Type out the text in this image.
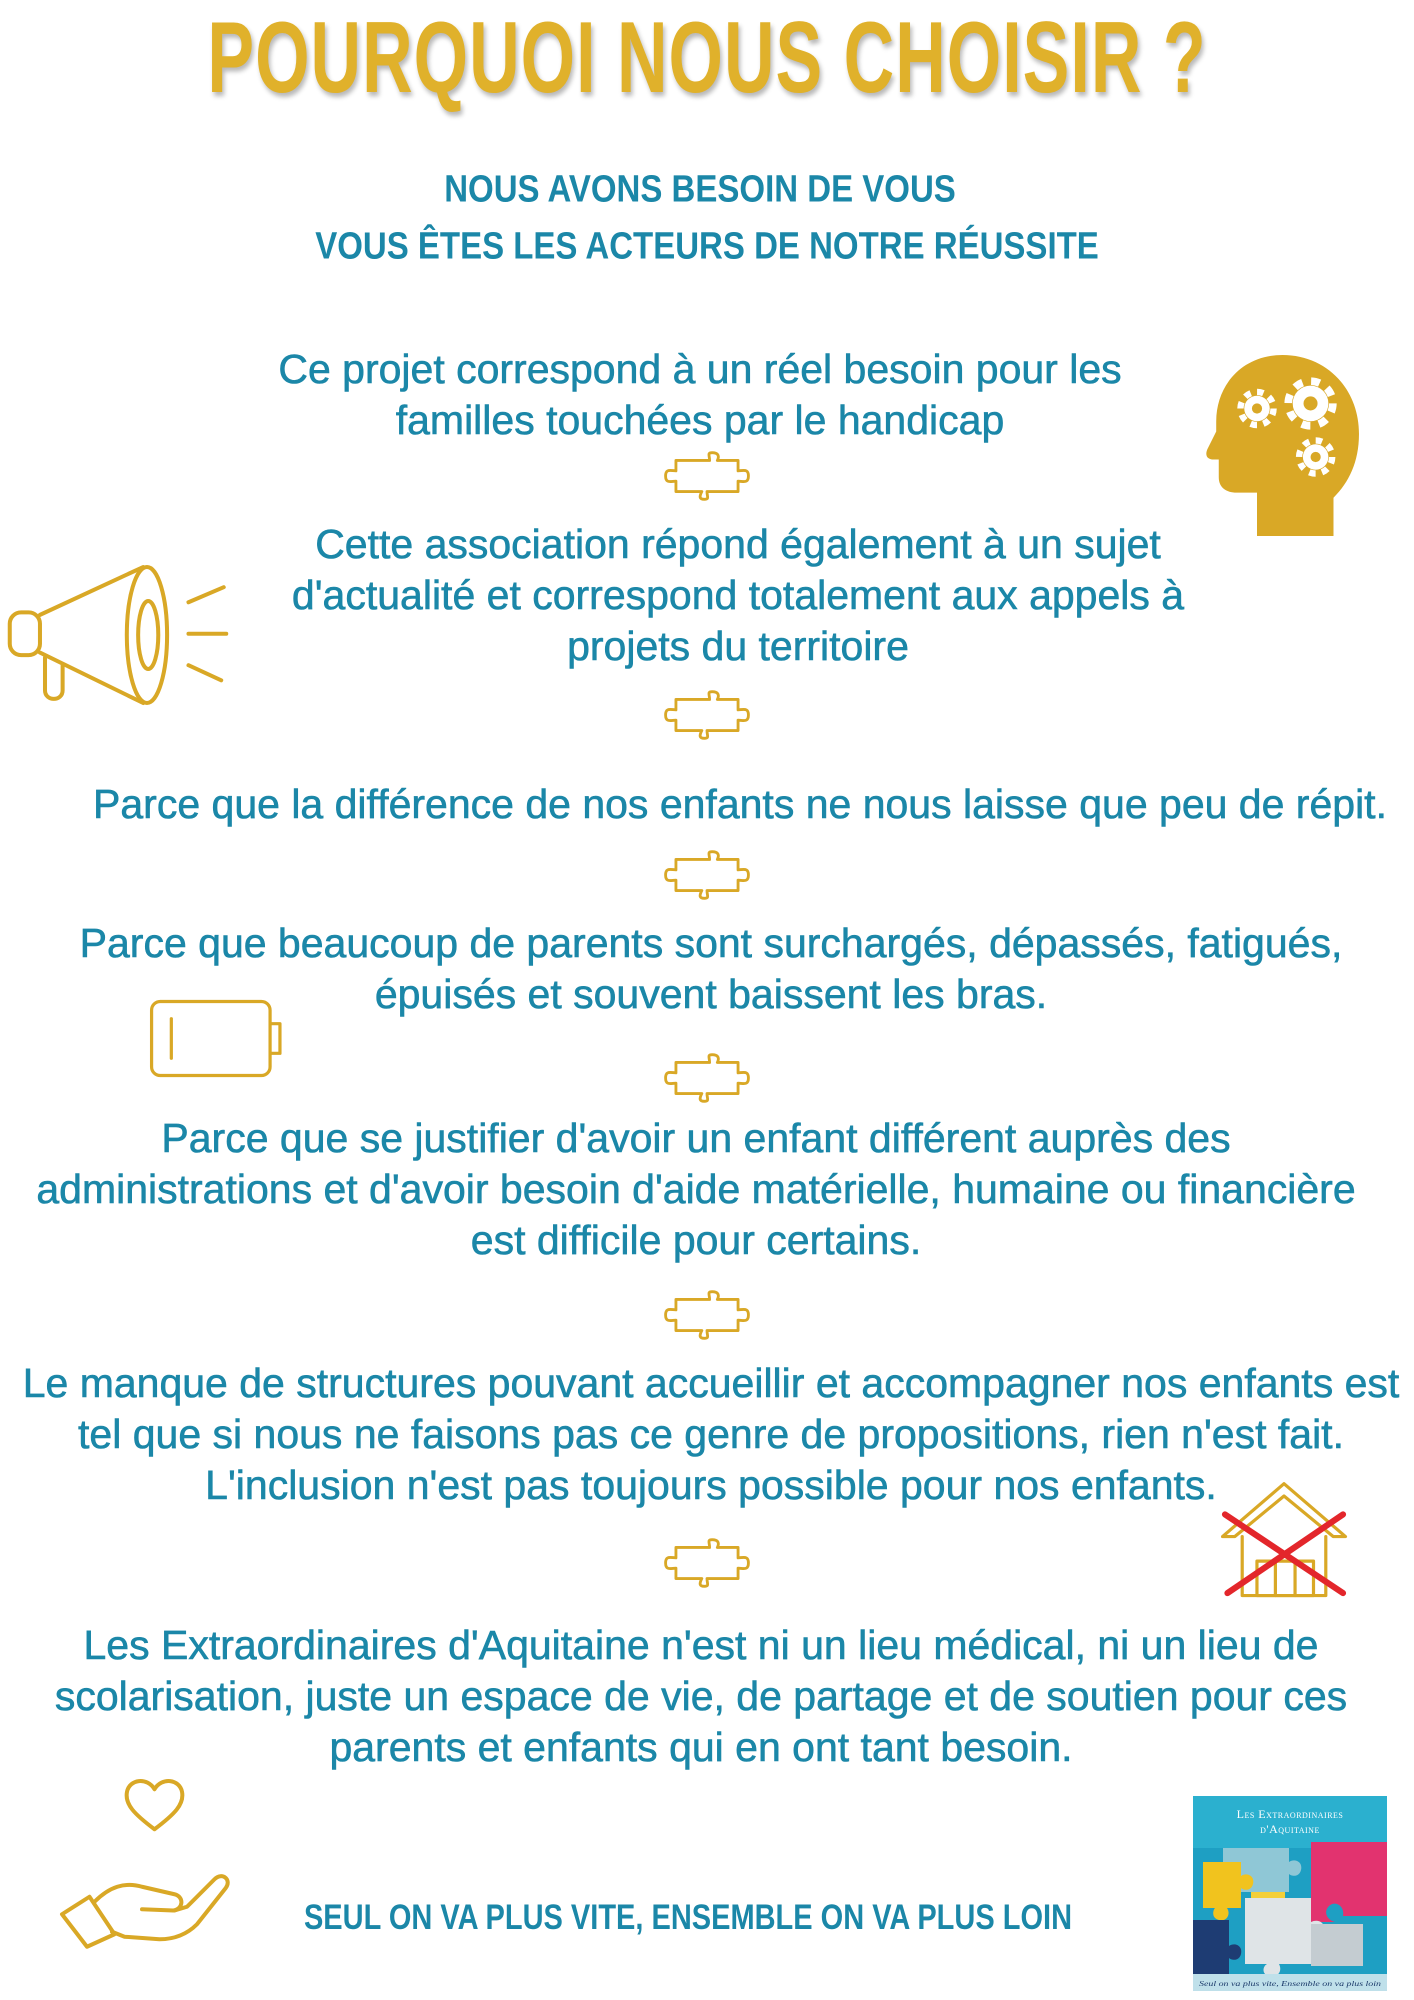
POURQUOI NOUS CHOISIR ?
NOUS AVONS BESOIN DE VOUS
VOUS ÊTES LES ACTEURS DE NOTRE RÉUSSITE
Ce projet correspond à un réel besoin pour les
familles touchées par le handicap
Cette association répond également à un sujet
d'actualité et correspond totalement aux appels à
projets du territoire
Parce que la différence de nos enfants ne nous laisse que peu de répit.
Parce que beaucoup de parents sont surchargés, dépassés, fatigués,
épuisés et souvent baissent les bras.
Parce que se justifier d'avoir un enfant différent auprès des
administrations et d'avoir besoin d'aide matérielle, humaine ou financière
est difficile pour certains.
Le manque de structures pouvant accueillir et accompagner nos enfants est
tel que si nous ne faisons pas ce genre de propositions, rien n'est fait.
L'inclusion n'est pas toujours possible pour nos enfants.
Les Extraordinaires d'Aquitaine n'est ni un lieu médical, ni un lieu de
scolarisation, juste un espace de vie, de partage et de soutien pour ces
parents et enfants qui en ont tant besoin.
SEUL ON VA PLUS VITE, ENSEMBLE ON VA PLUS LOIN
Les Extraordinaires
d'Aquitaine
Seul on va plus vite, Ensemble on va plus loin
